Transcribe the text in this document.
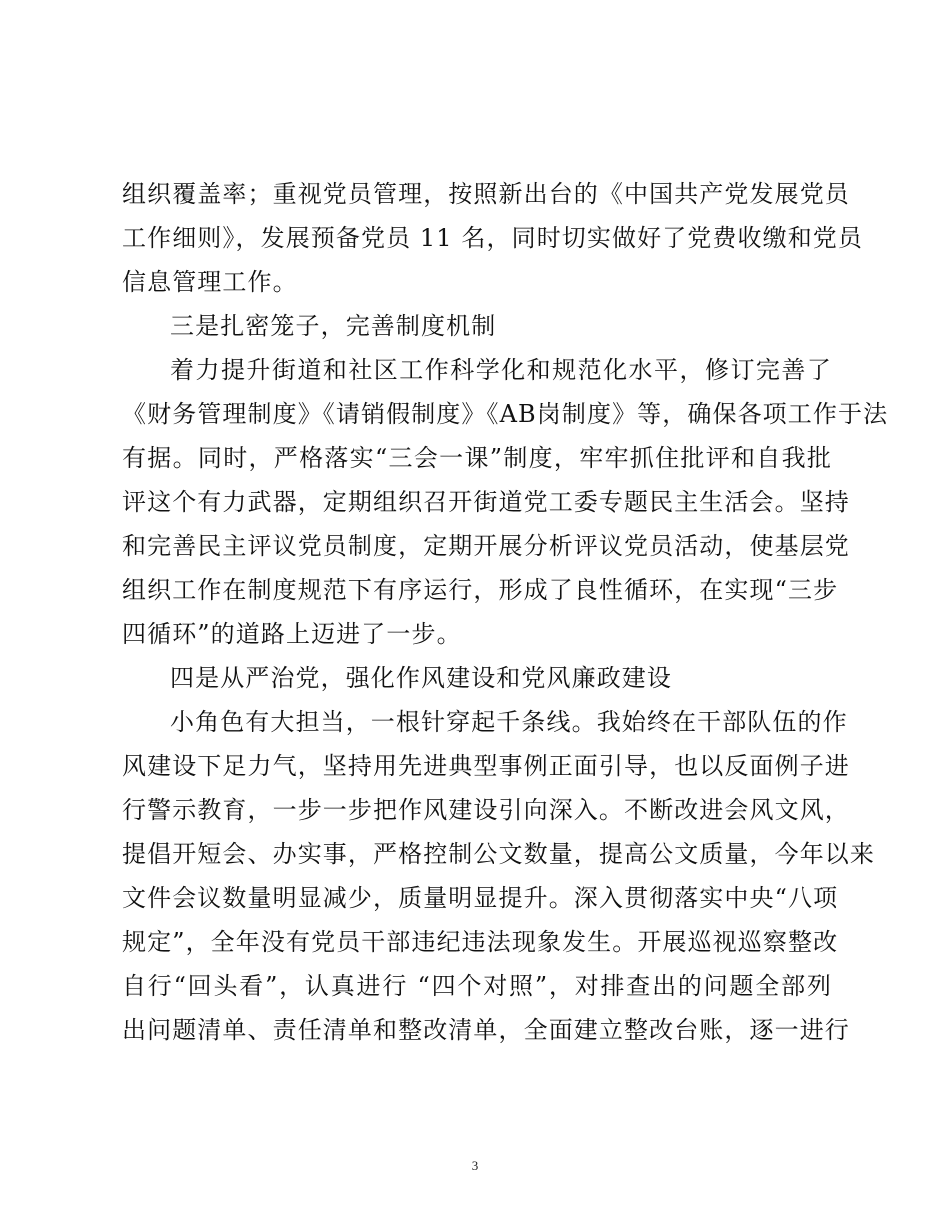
组织覆盖率；重视党员管理，按照新出台的《中国共产党发展党员
工作细则》，发展预备党员 11 名，同时切实做好了党费收缴和党员
信息管理工作。
三是扎密笼子，完善制度机制
着力提升街道和社区工作科学化和规范化水平，修订完善了
《财务管理制度》《请销假制度》《AB岗制度》等，确保各项工作于法
有据。同时，严格落实“三会一课”制度，牢牢抓住批评和自我批
评这个有力武器，定期组织召开街道党工委专题民主生活会。坚持
和完善民主评议党员制度，定期开展分析评议党员活动，使基层党
组织工作在制度规范下有序运行，形成了良性循环，在实现“三步
四循环”的道路上迈进了一步。
四是从严治党，强化作风建设和党风廉政建设
小角色有大担当，一根针穿起千条线。我始终在干部队伍的作
风建设下足力气，坚持用先进典型事例正面引导，也以反面例子进
行警示教育，一步一步把作风建设引向深入。不断改进会风文风，
提倡开短会、办实事，严格控制公文数量，提高公文质量，今年以来
文件会议数量明显减少，质量明显提升。深入贯彻落实中央“八项
规定”，全年没有党员干部违纪违法现象发生。开展巡视巡察整改
自行“回头看”，认真进行 “四个对照”，对排查出的问题全部列
出问题清单、责任清单和整改清单，全面建立整改台账，逐一进行
3
